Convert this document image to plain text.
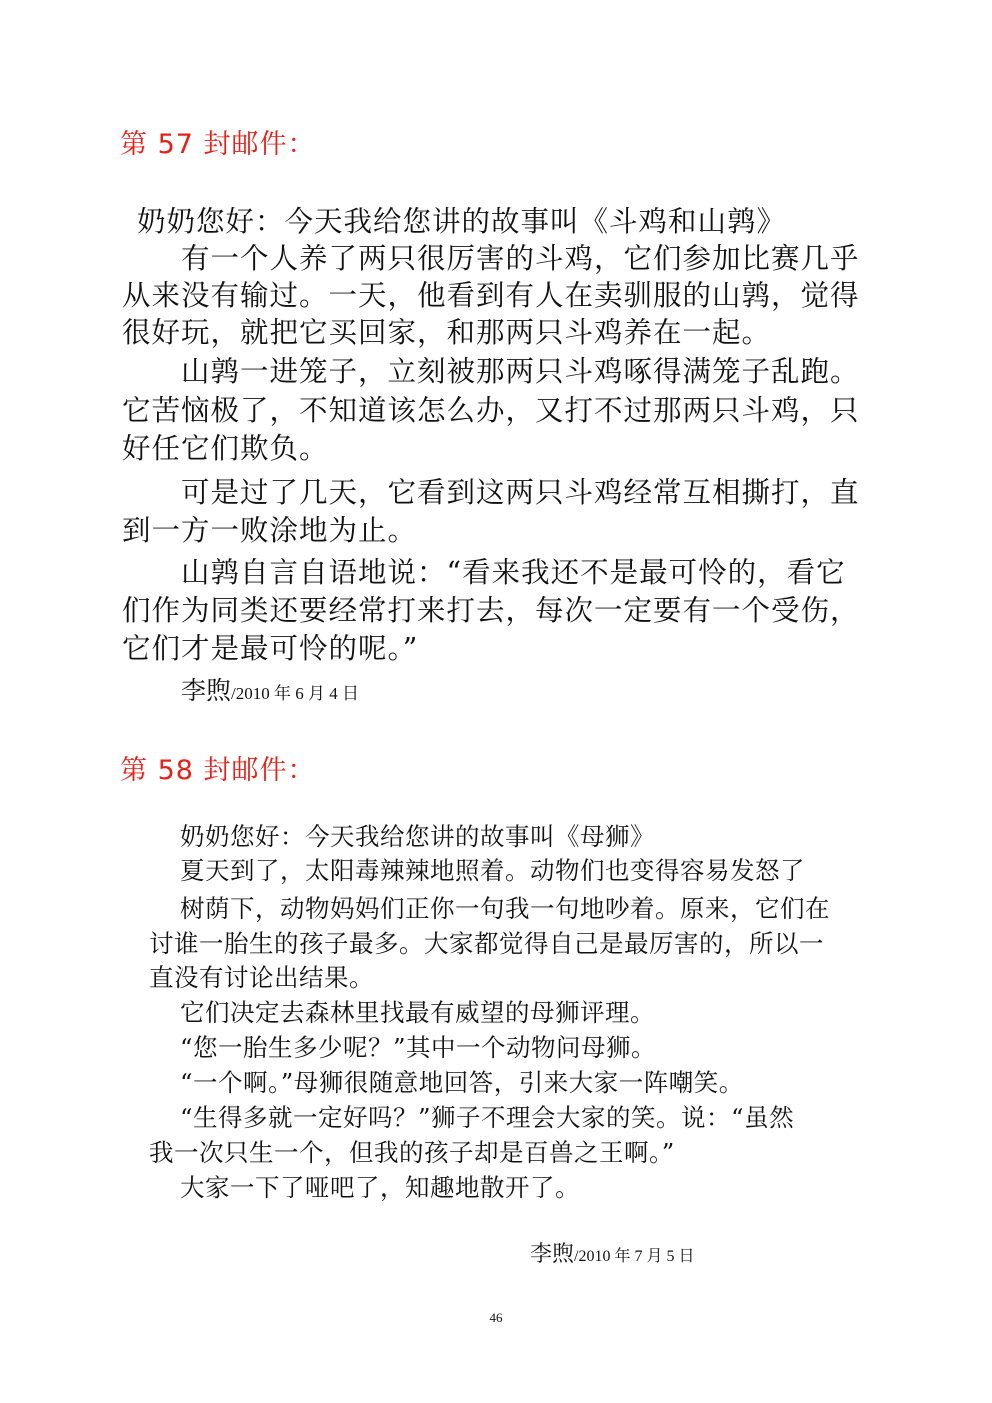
第 57 封邮件：
奶奶您好：今天我给您讲的故事叫《斗鸡和山鹑》
有一个人养了两只很厉害的斗鸡，它们参加比赛几乎
从来没有输过。一天，他看到有人在卖驯服的山鹑，觉得
很好玩，就把它买回家，和那两只斗鸡养在一起。
山鹑一进笼子，立刻被那两只斗鸡啄得满笼子乱跑。
它苦恼极了，不知道该怎么办，又打不过那两只斗鸡，只
好任它们欺负。
可是过了几天，它看到这两只斗鸡经常互相撕打，直
到一方一败涂地为止。
山鹑自言自语地说：“看来我还不是最可怜的，看它
们作为同类还要经常打来打去，每次一定要有一个受伤，
它们才是最可怜的呢。”
李煦/2010 年 6 月 4 日
第 58 封邮件：
奶奶您好：今天我给您讲的故事叫《母狮》
夏天到了，太阳毒辣辣地照着。动物们也变得容易发怒了
树荫下，动物妈妈们正你一句我一句地吵着。原来，它们在
讨谁一胎生的孩子最多。大家都觉得自己是最厉害的，所以一
直没有讨论出结果。
它们决定去森林里找最有威望的母狮评理。
“您一胎生多少呢？”其中一个动物问母狮。
“一个啊。”母狮很随意地回答，引来大家一阵嘲笑。
“生得多就一定好吗？”狮子不理会大家的笑。说：“虽然
我一次只生一个，但我的孩子却是百兽之王啊。”
大家一下了哑吧了，知趣地散开了。
李煦/2010 年 7 月 5 日
46
